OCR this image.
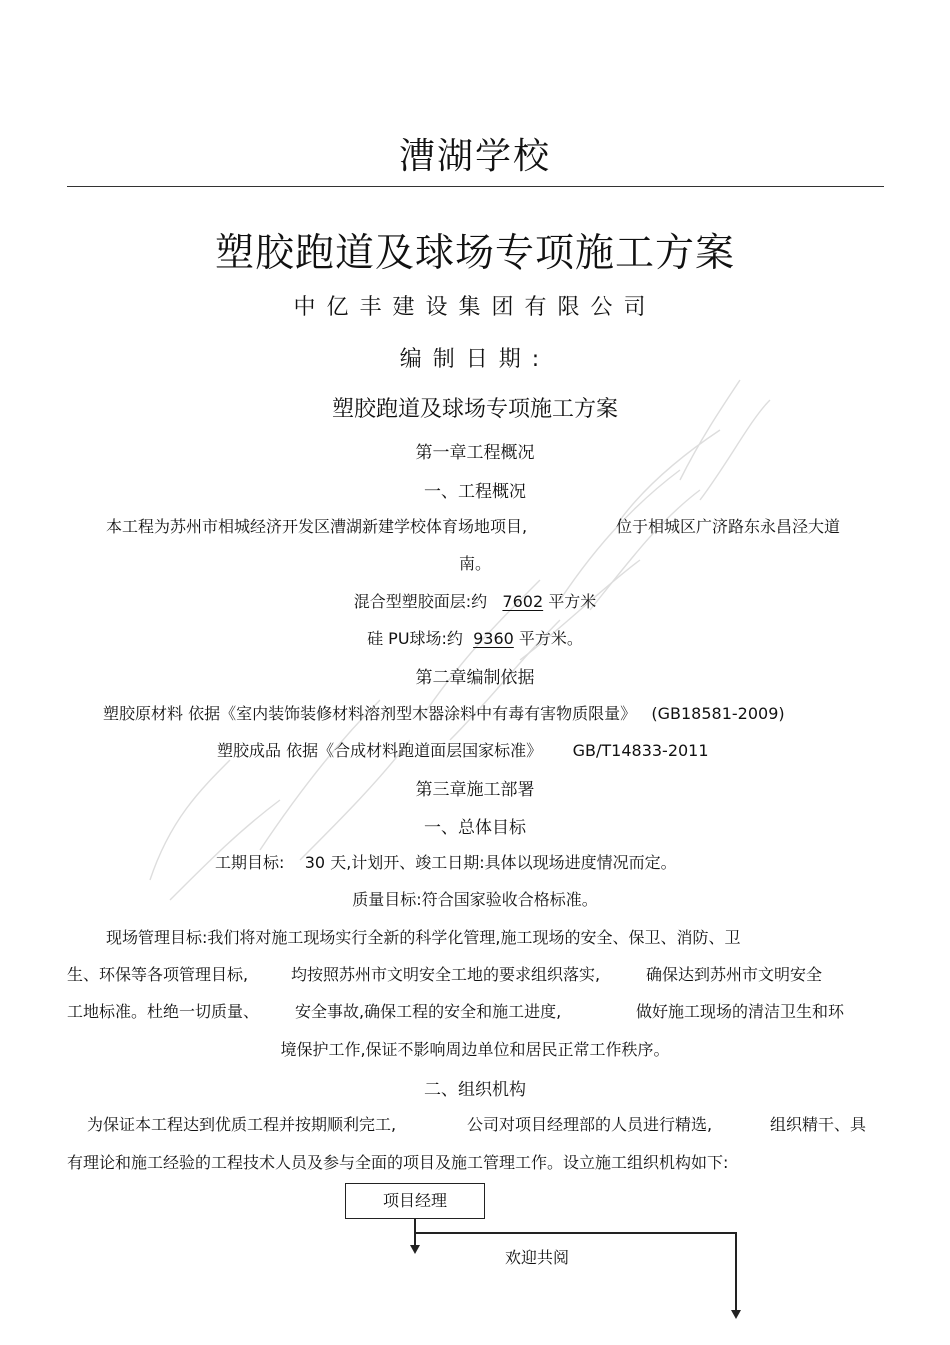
漕湖学校
塑胶跑道及球场专项施工方案
中亿丰建设集团有限公司
编制日期:
塑胶跑道及球场专项施工方案
第一章工程概况
一、工程概况
本工程为苏州市相城经济开发区漕湖新建学校体育场地项目,	位于相城区广济路东永昌泾大道
南。
混合型塑胶面层:约 7602 平方米
硅 PU球场:约 9360 平方米。
第二章编制依据
塑胶原材料 依据《室内装饰装修材料溶剂型木器涂料中有毒有害物质限量》 (GB18581-2009)
塑胶成品 依据《合成材料跑道面层国家标准》 GB/T14833-2011
第三章施工部署
一、总体目标
工期目标: 30 天,计划开、竣工日期:具体以现场进度情况而定。
质量目标:符合国家验收合格标准。
现场管理目标:我们将对施工现场实行全新的科学化管理,施工现场的安全、保卫、消防、卫
生、环保等各项管理目标,	均按照苏州市文明安全工地的要求组织落实,	确保达到苏州市文明安全
工地标准。杜绝一切质量、 安全事故,确保工程的安全和施工进度,	做好施工现场的清洁卫生和环
境保护工作,保证不影响周边单位和居民正常工作秩序。
二、组织机构
为保证本工程达到优质工程并按期顺利完工,	公司对项目经理部的人员进行精选,	组织精干、具
有理论和施工经验的工程技术人员及参与全面的项目及施工管理工作。设立施工组织机构如下:
项目经理
欢迎共阅
